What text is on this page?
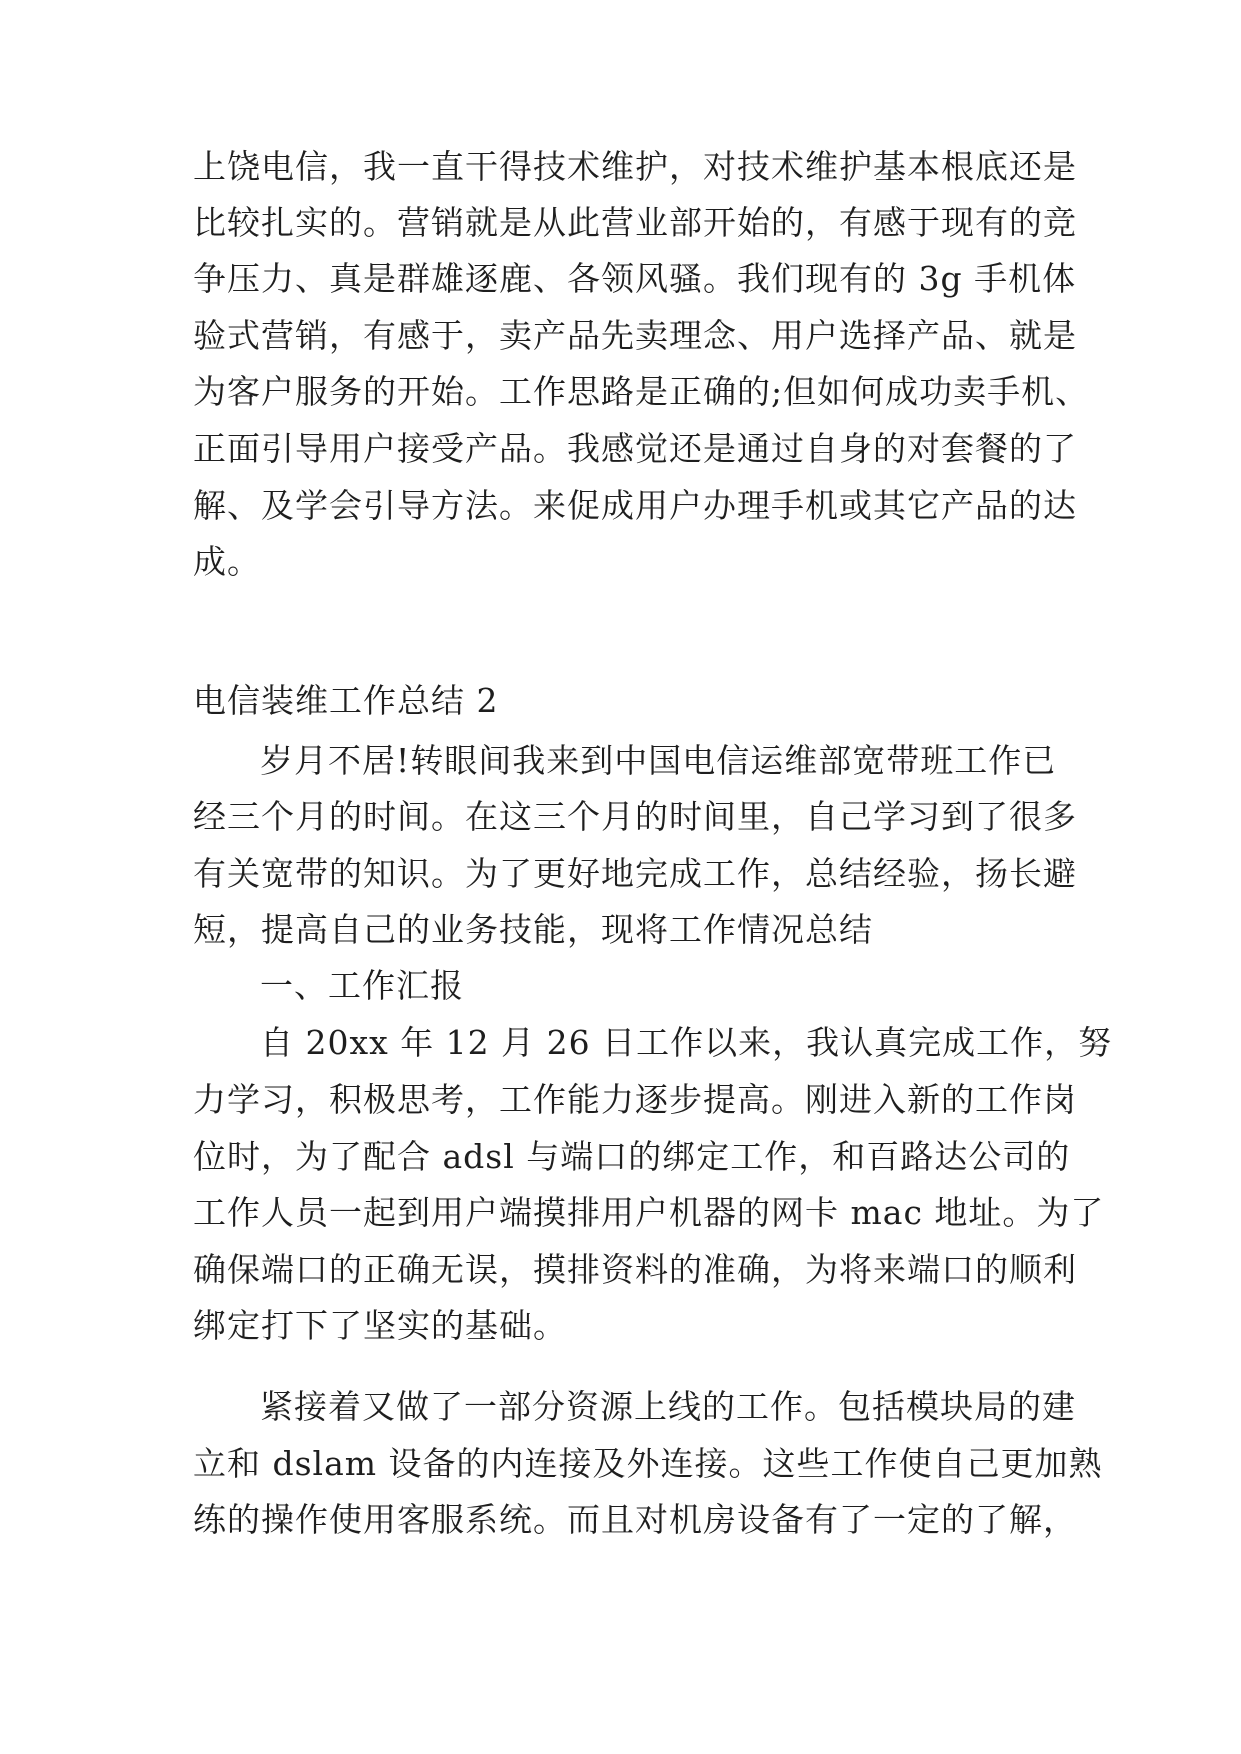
上饶电信，我一直干得技术维护，对技术维护基本根底还是
比较扎实的。营销就是从此营业部开始的，有感于现有的竞
争压力、真是群雄逐鹿、各领风骚。我们现有的 3g 手机体
验式营销，有感于，卖产品先卖理念、用户选择产品、就是
为客户服务的开始。工作思路是正确的;但如何成功卖手机、
正面引导用户接受产品。我感觉还是通过自身的对套餐的了
解、及学会引导方法。来促成用户办理手机或其它产品的达
成。
电信装维工作总结 2
岁月不居!转眼间我来到中国电信运维部宽带班工作已
经三个月的时间。在这三个月的时间里，自己学习到了很多
有关宽带的知识。为了更好地完成工作，总结经验，扬长避
短，提高自己的业务技能，现将工作情况总结
一、工作汇报
自 20xx 年 12 月 26 日工作以来，我认真完成工作，努
力学习，积极思考，工作能力逐步提高。刚进入新的工作岗
位时，为了配合 adsl 与端口的绑定工作，和百路达公司的
工作人员一起到用户端摸排用户机器的网卡 mac 地址。为了
确保端口的正确无误，摸排资料的准确，为将来端口的顺利
绑定打下了坚实的基础。
紧接着又做了一部分资源上线的工作。包括模块局的建
立和 dslam 设备的内连接及外连接。这些工作使自己更加熟
练的操作使用客服系统。而且对机房设备有了一定的了解，
